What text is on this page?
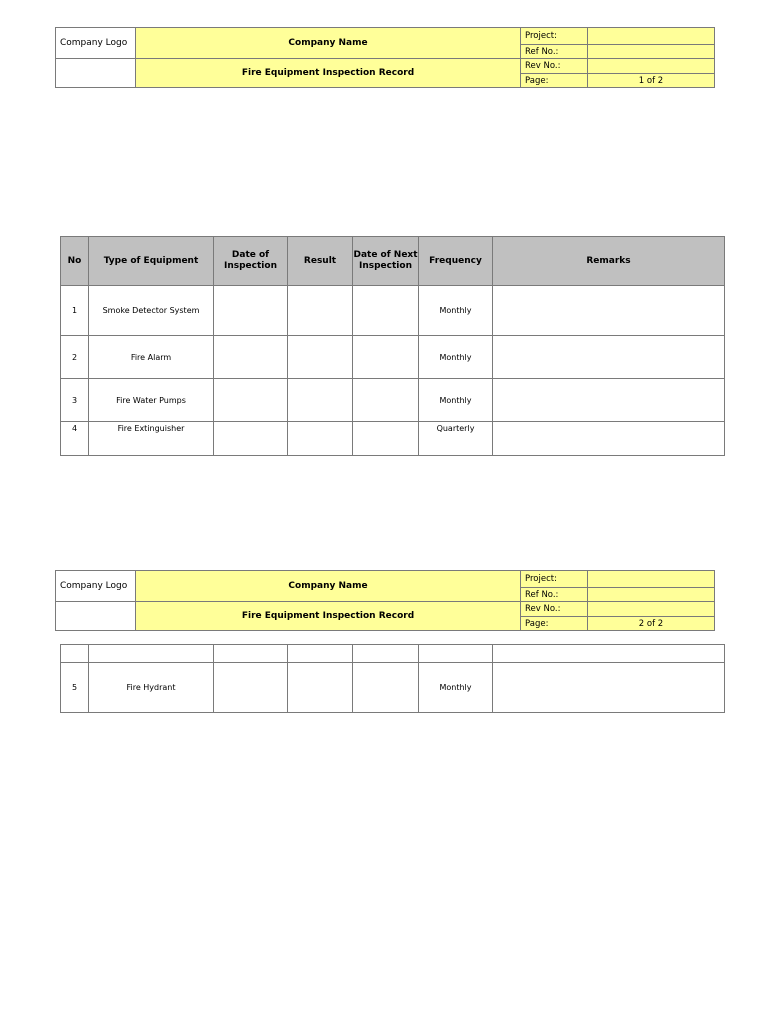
Company Logo	Company Name	Project:	
		Ref No.:	
	Fire Equipment Inspection Record	Rev No.:	
		Page:	1 of 2
No	Type of Equipment	Date of Inspection	Result	Date of Next Inspection	Frequency	Remarks
1	Smoke Detector System				Monthly	
2	Fire Alarm				Monthly	
3	Fire Water Pumps				Monthly	
4	Fire Extinguisher				Quarterly	
Company Logo	Company Name	Project:	
		Ref No.:	
	Fire Equipment Inspection Record	Rev No.:	
		Page:	2 of 2

5	Fire Hydrant				Monthly	
